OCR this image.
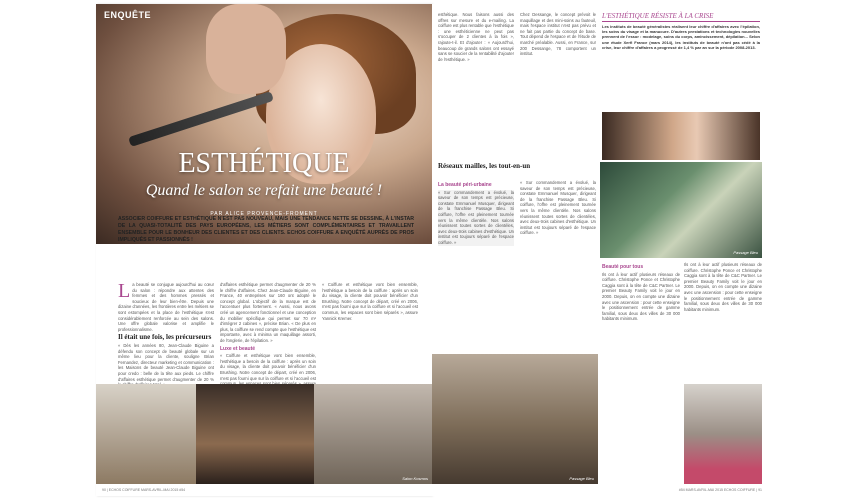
ENQUÊTE
ESTHÉTIQUE
Quand le salon se refait une beauté !
PAR ALICE PROVENCE-FROMENT
ASSOCIER COIFFURE ET ESTHÉTIQUE N'EST PAS NOUVEAU, MAIS UNE TENDANCE NETTE SE DESSINE, À L'INSTAR DE LA QUASI-TOTALITÉ DES PAYS EUROPÉENS, LES MÉTIERS SONT COMPLÉMENTAIRES ET TRAVAILLENT ENSEMBLE POUR LE BONHEUR DES CLIENTES ET DES CLIENTS. ECHOS COIFFURE A ENQUÊTÉ AUPRÈS DE PROS IMPLIQUÉS ET PASSIONNÉS !
L a beauté se conjugue aujourd'hui au cœur du salon : répondre aux attentes des femmes et des hommes pressés et soucieux de leur bien-être. Depuis une dizaine d'années, les frontières entre les métiers se sont estompées et la place de l'esthétique s'est considérablement renforcée au sein des salons. Une offre globale valorise et amplifie le professionnalisme.
Il était une fois, les précurseurs
« Dès les années 80, Jean-Claude Biguine a défendu son concept de beauté globale sur un même lieu pour la cliente, souligne Brian Fernandez, directeur marketing et communication : les Maisons de beauté Jean-Claude Biguine ont pour credo : belle de la tête aux pieds. Le chiffre d'affaires esthétique permet d'augmenter de 20 %
d'affaires esthétique permet d'augmenter de 20 % le chiffre d'affaires. Chez Jean-Claude Biguine, en France, 40 entreprises sur 160 ont adopté le concept global. L'objectif de la marque est de l'accentuer plus fortement. « Aussi, nous avons créé un agencement fonctionnel et une conception du mobilier spécifique qui permet sur 70 m² d'intégrer 2 cabines », précise Brian. « De plus en plus, la coiffure se rend compte que l'esthétique est importante, avec à minima un maquillage assorti, de l'onglerie, de l'épilation. »
Luxe et beauté
« Coiffure et esthétique vont bien ensemble, l'esthétique a besoin de la coiffure : après un soin du visage, la cliente doit pouvoir bénéficier d'un Brushing. Notre concept de départ, créé en 2006, n'est pas fourni que sur la coiffure et si l'accueil est
« Coiffure et esthétique vont bien ensemble, l'esthétique a besoin de la coiffure : après un soin du visage, la cliente doit pouvoir bénéficier d'un Brushing. Notre concept de départ, créé en 2006, n'est pas fourni que sur la coiffure et si l'accueil est commun, les espaces sont bien séparés », assure Yannick Kremer.
Salon Kosmos
90 | ECHOS COIFFURE MARS-AVRIL-MAI 2015 #54
esthétique. Nous faisons aussi des offres sur mesure et du e-mailing. La coiffure est plus rentable que l'esthétique : une esthéticienne ne peut pas s'occuper de 2 clientes à la fois », rajoute-t-il. Et d'ajouter : « Aujourd'hui, beaucoup de grands salons ont essayé sans se soucier de la rentabilité d'ajouter de l'esthétique. »
Chez Dessange, le concept prévoit le maquillage et des mini-soins au fauteuil, mais l'espace institut n'est pas prévu et ne fait pas partie du concept de base. Tout dépend de l'espace et de l'étude de marché préalable. Aussi, en France, sur 200 Dessange, 78 comportent un institut.
L'ESTHÉTIQUE RÉSISTE À LA CRISE
Les instituts de beauté généralistes réalisent leur chiffre d'affaires avec l'épilation, les soins du visage et la manucure. D'autres prestations et technologies nouvelles prennent de l'essor : modelage, soins du corps, amincissement, dépilation... Selon une étude Xerfi France (mars 2014), les instituts de beauté n'ont pas cédé à la crise, leur chiffre d'affaires a progressé de 1,4 % par an sur la période 2008-2013.
Réseaux mailles, les tout-en-un
La beauté péri-urbaine
« Sur commandement a évolué, la saveur de son temps est précieuse, constate Emmanuel Musquer, dirigeant de la franchise Passage Bleu. Si coiffure, l'offre est pleinement tournée vers la même clientèle. Nos salons réunissent toutes sortes de clientèles, avec deux-trois cabines d'esthétique. Un institut est toujours séparé de l'espace coiffure. »
« Sur commandement a évolué, la saveur de son temps est précieuse, constate Emmanuel Musquer, dirigeant de la franchise Passage Bleu. Si coiffure, l'offre est pleinement tournée vers la même clientèle. Nos salons réunissent toutes sortes de clientèles, avec deux-trois cabines d'esthétique. Un institut est toujours séparé de l'espace coiffure. »
Passage Bleu
Beauté pour tous
Ils ont à leur actif plusieurs réseaux de coiffure. Christophe Ponce et Christophe Caggia sont à la tête de C&C Partner. Le premier Beauty Family voit le jour en 2000. Depuis, on en compte une dizaine avec une ascension : pour cette enseigne le positionnement entrée de gamme familial, sous deux des villes de 30 000 habitants minimum.
Ils ont à leur actif plusieurs réseaux de coiffure. Christophe Ponce et Christophe Caggia sont à la tête de C&C Partner. Le premier Beauty Family voit le jour en 2000. Depuis, on en compte une dizaine avec une ascension : pour cette enseigne le positionnement entrée de gamme familial, sous deux des villes de 30 000 habitants minimum.
Passage Bleu
#54 MARS-AVRIL-MAI 2015 ECHOS COIFFURE | 91
